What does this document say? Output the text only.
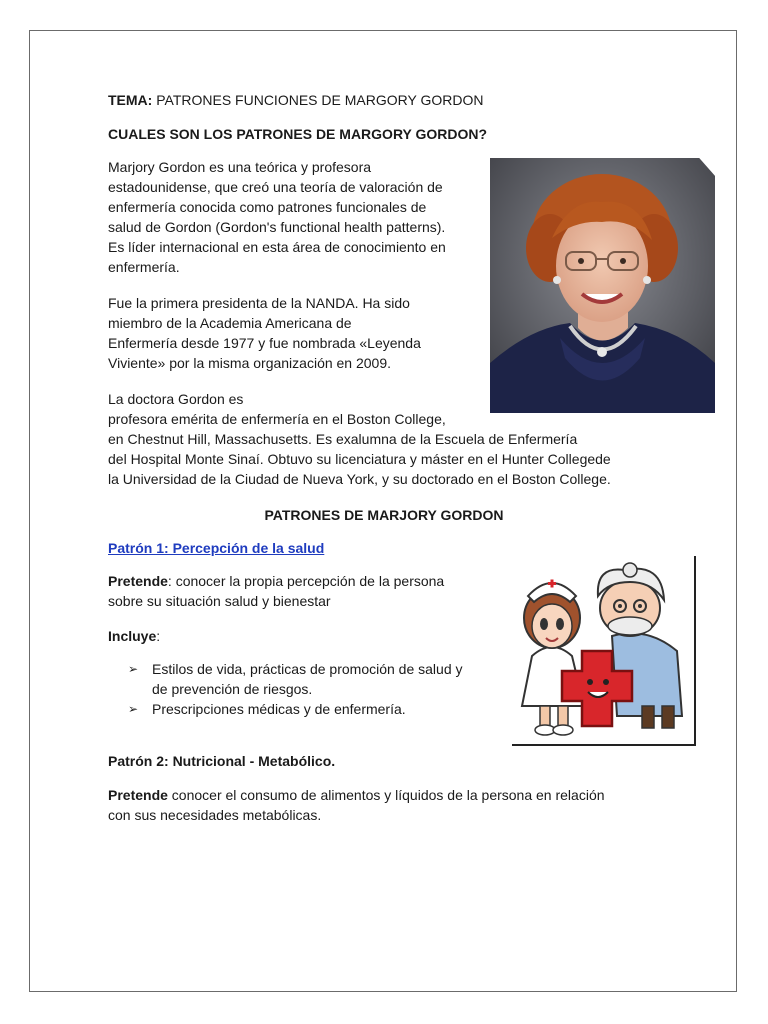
TEMA: PATRONES FUNCIONES DE MARGORY GORDON

CUALES SON LOS PATRONES DE MARGORY GORDON?

Marjory Gordon es una teórica y profesora
estadounidense, que creó una teoría de valoración de
enfermería conocida como patrones funcionales de
salud de Gordon (Gordon's functional health patterns).
Es líder internacional en esta área de conocimiento en
enfermería.

Fue la primera presidenta de la NANDA. Ha sido
miembro de la Academia Americana de
Enfermería desde 1977 y fue nombrada «Leyenda
Viviente» por la misma organización en 2009.

La doctora Gordon es
profesora emérita de enfermería en el Boston College,
en Chestnut Hill, Massachusetts. Es exalumna de la Escuela de Enfermería
del Hospital Monte Sinaí. Obtuvo su licenciatura y máster en el Hunter Collegede
la Universidad de la Ciudad de Nueva York, y su doctorado en el Boston College.

PATRONES DE MARJORY GORDON

Patrón 1: Percepción de la salud

Pretende: conocer la propia percepción de la persona
sobre su situación salud y bienestar

Incluye:

➢ Estilos de vida, prácticas de promoción de salud y
de prevención de riesgos.
➢ Prescripciones médicas y de enfermería.

Patrón 2: Nutricional - Metabólico.

Pretende conocer el consumo de alimentos y líquidos de la persona en relación
con sus necesidades metabólicas.
